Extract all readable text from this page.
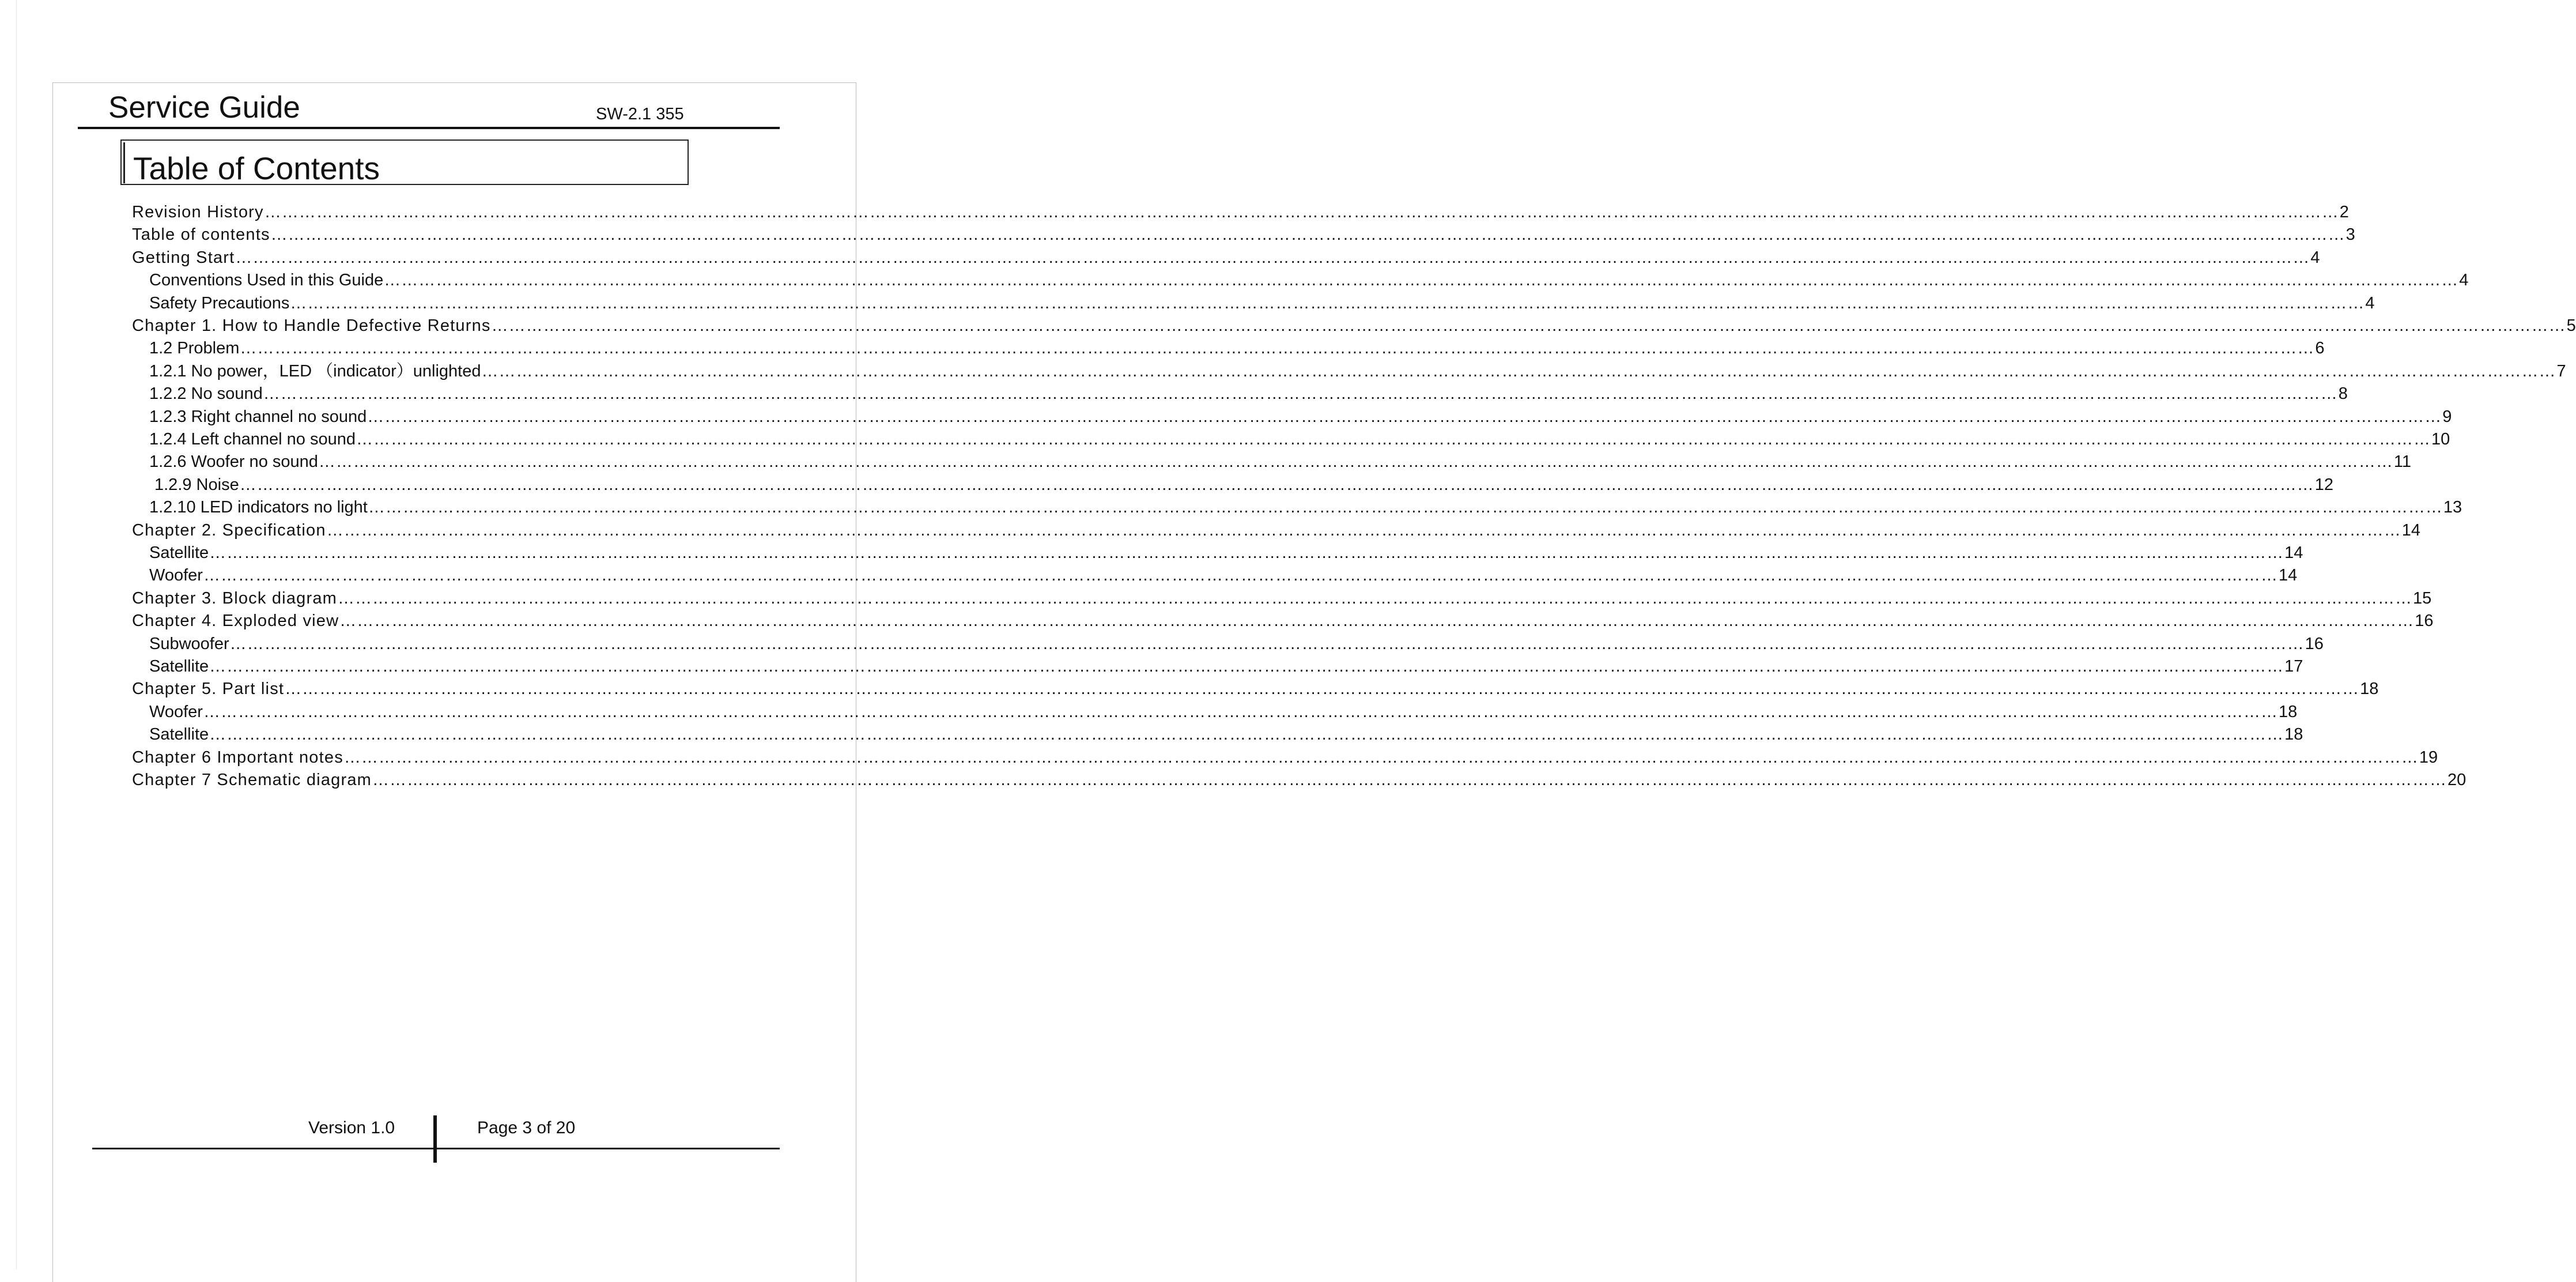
Service Guide	SW-2.1 355
Table of Contents
Revision History ……………………………………………………………………………………………………………………………………………………………………………………………………………………………………………………………………………………………………………………………… 2
Table of contents ……………………………………………………………………………………………………………………………………………………………………………………………………………………………………………………………………………………………………………………………… 3
Getting Start ……………………………………………………………………………………………………………………………………………………………………………………………………………………………………………………………………………………………………………………………… 4
Conventions Used in this Guide ……………………………………………………………………………………………………………………………………………………………………………………………………………………………………………………………………………………………………………………………… 4
Safety Precautions ……………………………………………………………………………………………………………………………………………………………………………………………………………………………………………………………………………………………………………………………… 4
Chapter 1. How to Handle Defective Returns ……………………………………………………………………………………………………………………………………………………………………………………………………………………………………………………………………………………………………………………………… 5
1.2 Problem ……………………………………………………………………………………………………………………………………………………………………………………………………………………………………………………………………………………………………………………………… 6
1.2.1 No power，LED （indicator）unlighted ……………………………………………………………………………………………………………………………………………………………………………………………………………………………………………………………………………………………………………………………… 7
1.2.2 No sound ……………………………………………………………………………………………………………………………………………………………………………………………………………………………………………………………………………………………………………………………… 8
1.2.3 Right channel no sound ……………………………………………………………………………………………………………………………………………………………………………………………………………………………………………………………………………………………………………………………… 9
1.2.4 Left channel no sound ……………………………………………………………………………………………………………………………………………………………………………………………………………………………………………………………………………………………………………………………… 10
1.2.6 Woofer no sound ……………………………………………………………………………………………………………………………………………………………………………………………………………………………………………………………………………………………………………………………… 11
1.2.9 Noise ……………………………………………………………………………………………………………………………………………………………………………………………………………………………………………………………………………………………………………………………… 12
1.2.10 LED indicators no light ……………………………………………………………………………………………………………………………………………………………………………………………………………………………………………………………………………………………………………………………… 13
Chapter 2. Specification ……………………………………………………………………………………………………………………………………………………………………………………………………………………………………………………………………………………………………………………………… 14
Satellite ……………………………………………………………………………………………………………………………………………………………………………………………………………………………………………………………………………………………………………………………… 14
Woofer ……………………………………………………………………………………………………………………………………………………………………………………………………………………………………………………………………………………………………………………………… 14
Chapter 3. Block diagram ……………………………………………………………………………………………………………………………………………………………………………………………………………………………………………………………………………………………………………………………… 15
Chapter 4. Exploded view ……………………………………………………………………………………………………………………………………………………………………………………………………………………………………………………………………………………………………………………………… 16
Subwoofer ……………………………………………………………………………………………………………………………………………………………………………………………………………………………………………………………………………………………………………………………… 16
Satellite ……………………………………………………………………………………………………………………………………………………………………………………………………………………………………………………………………………………………………………………………… 17
Chapter 5. Part list ……………………………………………………………………………………………………………………………………………………………………………………………………………………………………………………………………………………………………………………………… 18
Woofer ……………………………………………………………………………………………………………………………………………………………………………………………………………………………………………………………………………………………………………………………… 18
Satellite ……………………………………………………………………………………………………………………………………………………………………………………………………………………………………………………………………………………………………………………………… 18
Chapter 6 Important notes ……………………………………………………………………………………………………………………………………………………………………………………………………………………………………………………………………………………………………………………………… 19
Chapter 7 Schematic diagram ……………………………………………………………………………………………………………………………………………………………………………………………………………………………………………………………………………………………………………………………… 20
Version 1.0	Page 3 of 20
